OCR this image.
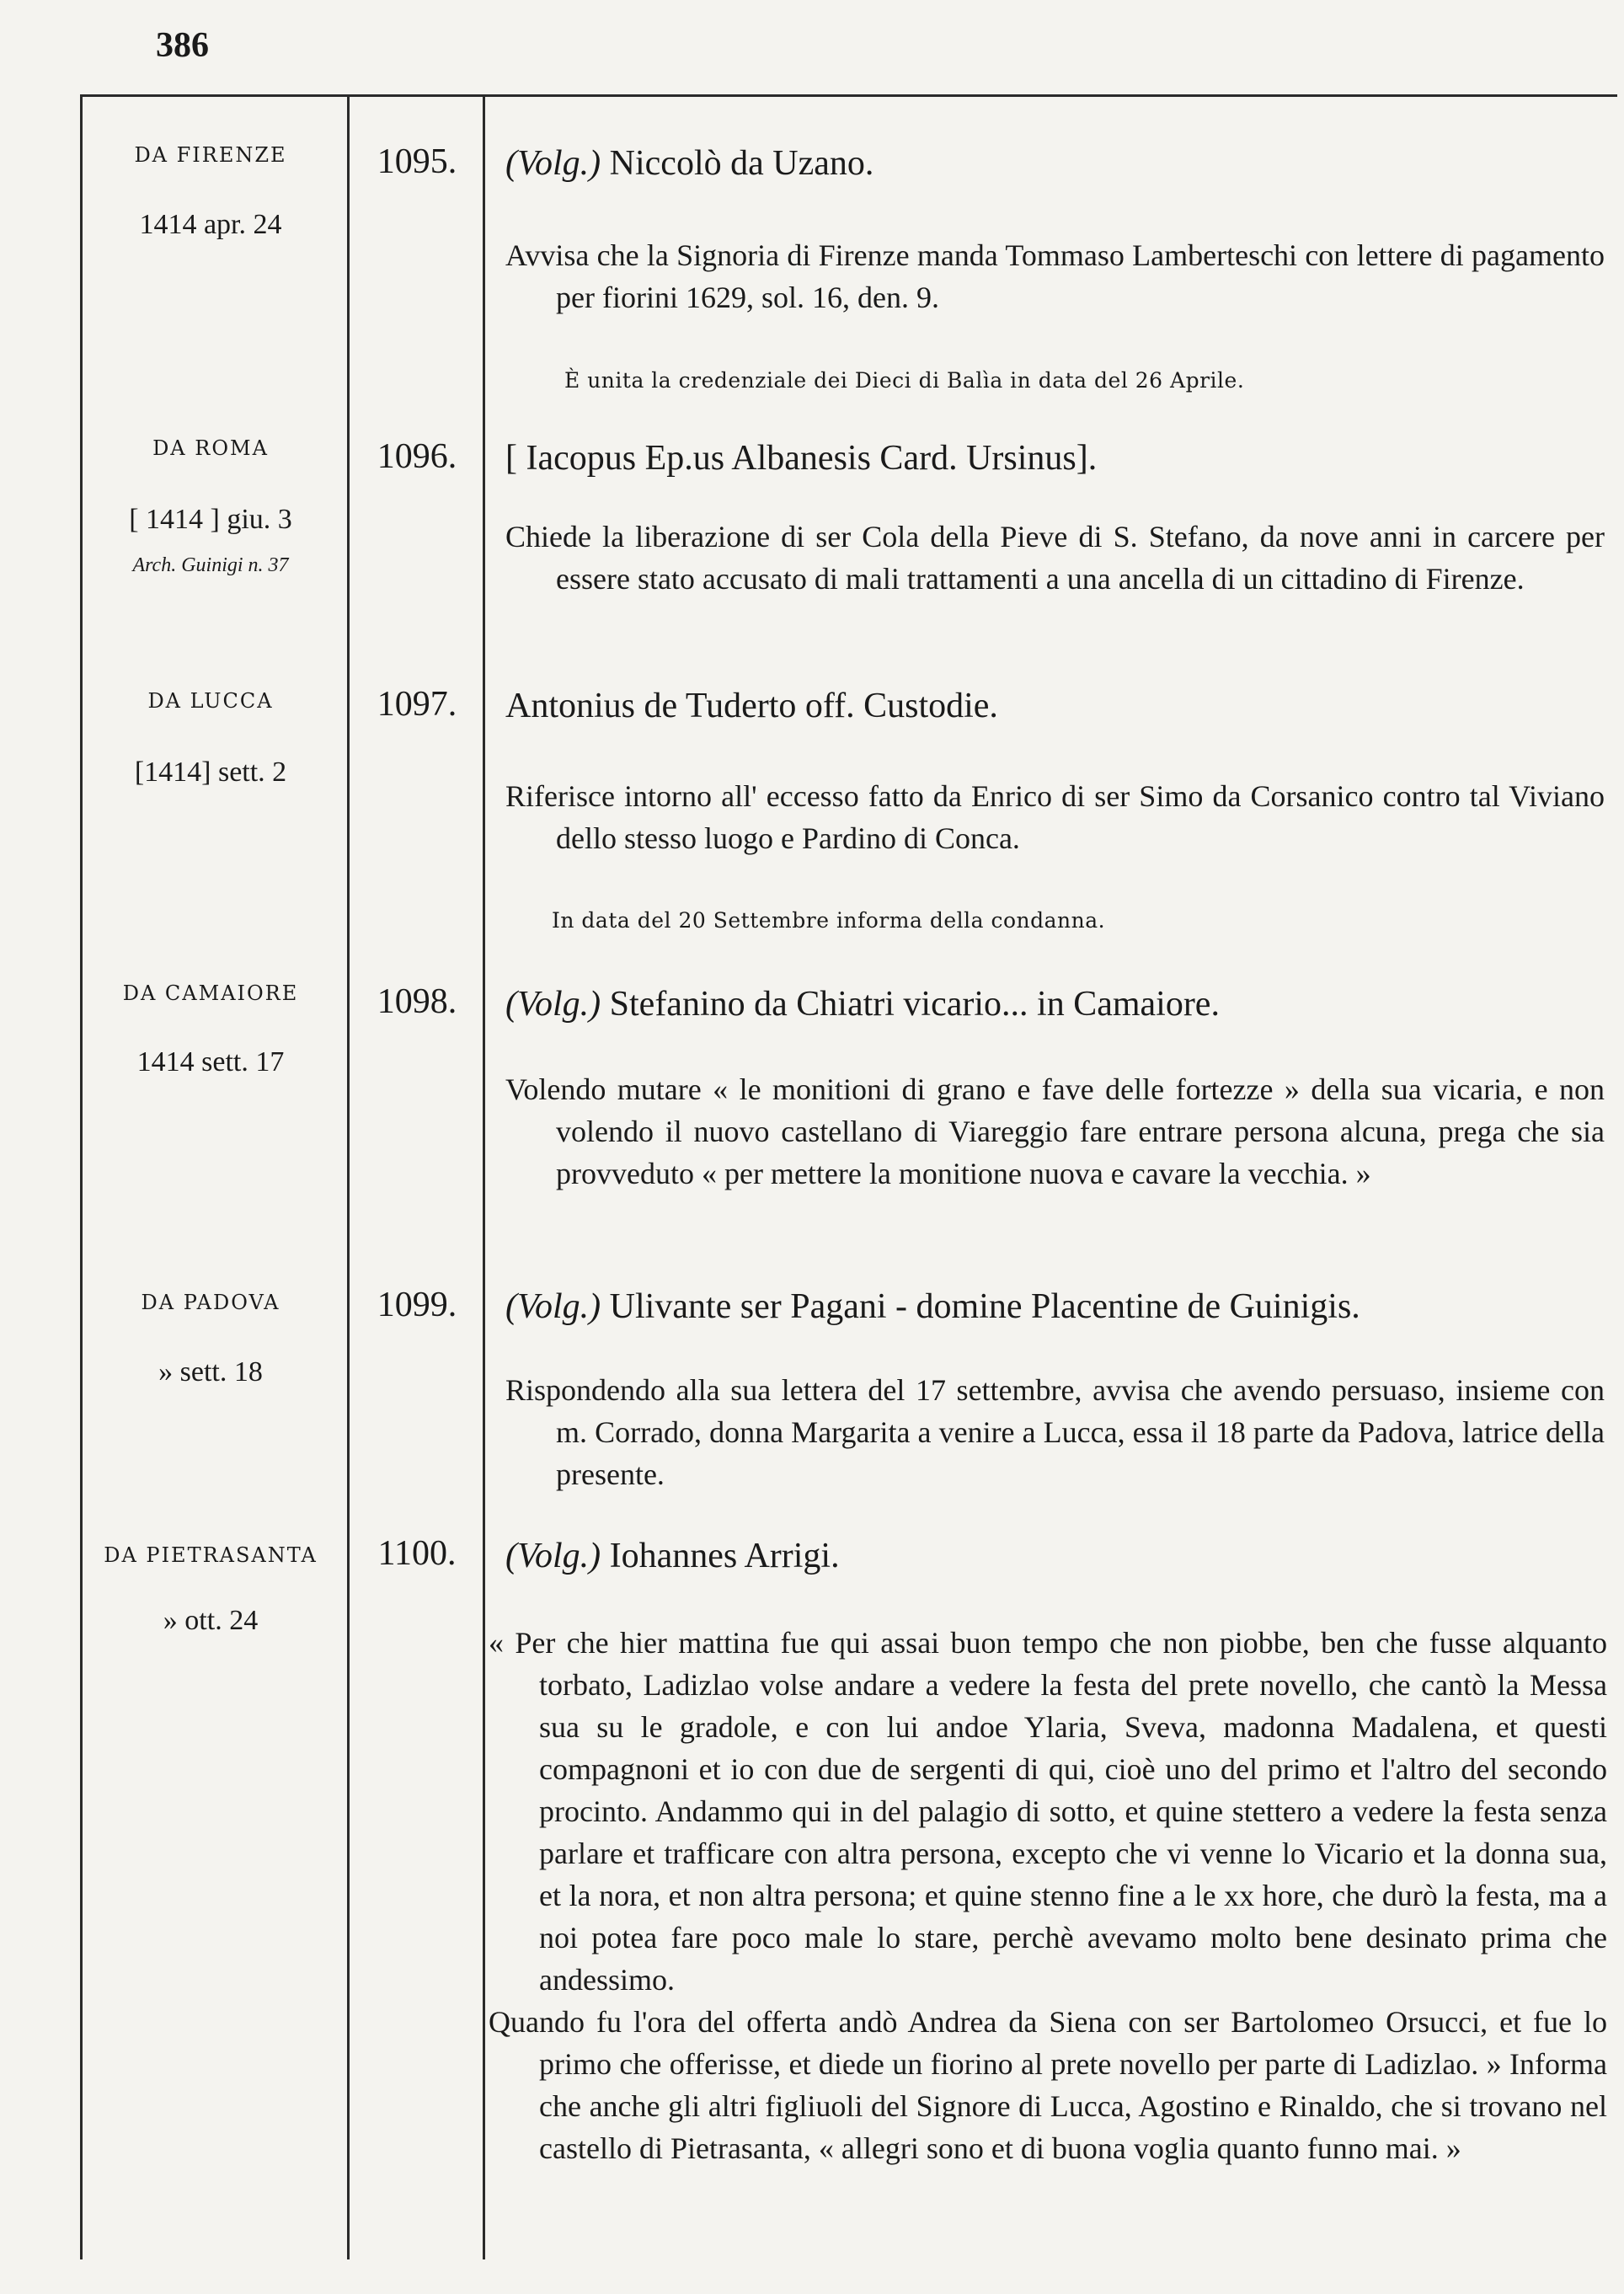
386
DA FIRENZE
1414 apr. 24
1095.	(Volg.) Niccolò da Uzano.

Avvisa che la Signoria di Firenze manda Tommaso Lamberteschi con lettere di pagamento per fiorini 1629, sol. 16, den. 9.

È unita la credenziale dei Dieci di Balìa in data del 26 Aprile.
DA ROMA
[ 1414 ] giu. 3
Arch. Guinigi n. 37
1096.	[ Iacopus Ep.us Albanesis Card. Ursinus].

Chiede la liberazione di ser Cola della Pieve di S. Stefano, da nove anni in carcere per essere stato accusato di mali trattamenti a una ancella di un cittadino di Firenze.

DA LUCCA
[1414] sett. 2
1097.	Antonius de Tuderto off. Custodie.

Riferisce intorno all' eccesso fatto da Enrico di ser Simo da Corsanico contro tal Viviano dello stesso luogo e Pardino di Conca.

In data del 20 Settembre informa della condanna.
DA CAMAIORE
1414 sett. 17
1098.	(Volg.) Stefanino da Chiatri vicario... in Camaiore.

Volendo mutare « le monitioni di grano e fave delle fortezze » della sua vicaria, e non volendo il nuovo castellano di Viareggio fare entrare persona alcuna, prega che sia provveduto « per mettere la monitione nuova e cavare la vecchia. »

DA PADOVA
» sett. 18
1099.	(Volg.) Ulivante ser Pagani - domine Placentine de Guinigis.

Rispondendo alla sua lettera del 17 settembre, avvisa che avendo persuaso, insieme con m. Corrado, donna Margarita a venire a Lucca, essa il 18 parte da Padova, latrice della presente.

DA PIETRASANTA
» ott. 24
1100.	(Volg.) Iohannes Arrigi.

« Per che hier mattina fue qui assai buon tempo che non piobbe, ben che fusse alquanto torbato, Ladizlao volse andare a vedere la festa del prete novello, che cantò la Messa sua su le gradole, e con lui andoe Ylaria, Sveva, madonna Madalena, et questi compagnoni et io con due de sergenti di qui, cioè uno del primo et l'altro del secondo procinto. Andammo qui in del palagio di sotto, et quine stettero a vedere la festa senza parlare et trafficare con altra persona, excepto che vi venne lo Vicario et la donna sua, et la nora, et non altra persona; et quine stenno fine a le xx hore, che durò la festa, ma a noi potea fare poco male lo stare, perchè avevamo molto bene desinato prima che andessimo.

Quando fu l'ora del offerta andò Andrea da Siena con ser Bartolomeo Orsucci, et fue lo primo che offerisse, et diede un fiorino al prete novello per parte di Ladizlao. » Informa che anche gli altri figliuoli del Signore di Lucca, Agostino e Rinaldo, che si trovano nel castello di Pietrasanta, « allegri sono et di buona voglia quanto funno mai. »
